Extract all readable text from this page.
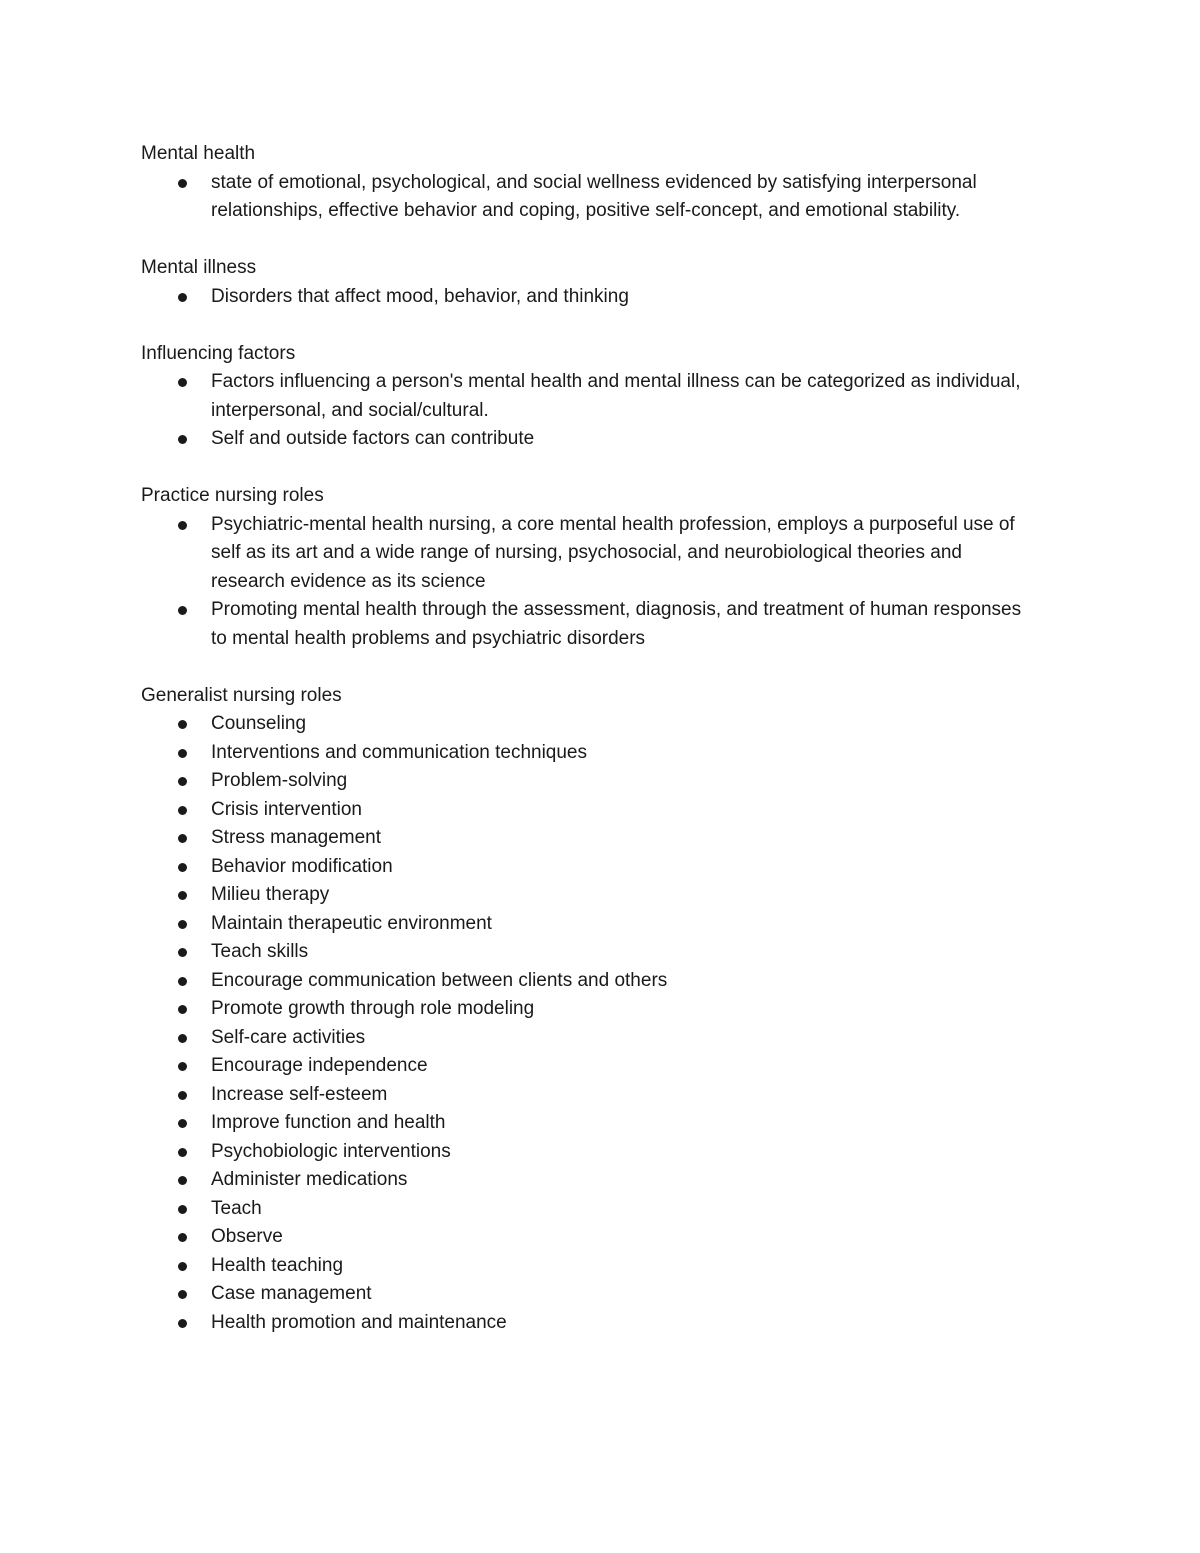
Mental health

state of emotional, psychological, and social wellness evidenced by satisfying interpersonal relationships, effective behavior and coping, positive self-concept, and emotional stability.

Mental illness

Disorders that affect mood, behavior, and thinking

Influencing factors

Factors influencing a person's mental health and mental illness can be categorized as individual, interpersonal, and social/cultural.
Self and outside factors can contribute

Practice nursing roles

Psychiatric-mental health nursing, a core mental health profession, employs a purposeful use of self as its art and a wide range of nursing, psychosocial, and neurobiological theories and research evidence as its science
Promoting mental health through the assessment, diagnosis, and treatment of human responses to mental health problems and psychiatric disorders

Generalist nursing roles

Counseling
Interventions and communication techniques
Problem-solving
Crisis intervention
Stress management
Behavior modification
Milieu therapy
Maintain therapeutic environment
Teach skills
Encourage communication between clients and others
Promote growth through role modeling
Self-care activities
Encourage independence
Increase self-esteem
Improve function and health
Psychobiologic interventions
Administer medications
Teach
Observe
Health teaching
Case management
Health promotion and maintenance
